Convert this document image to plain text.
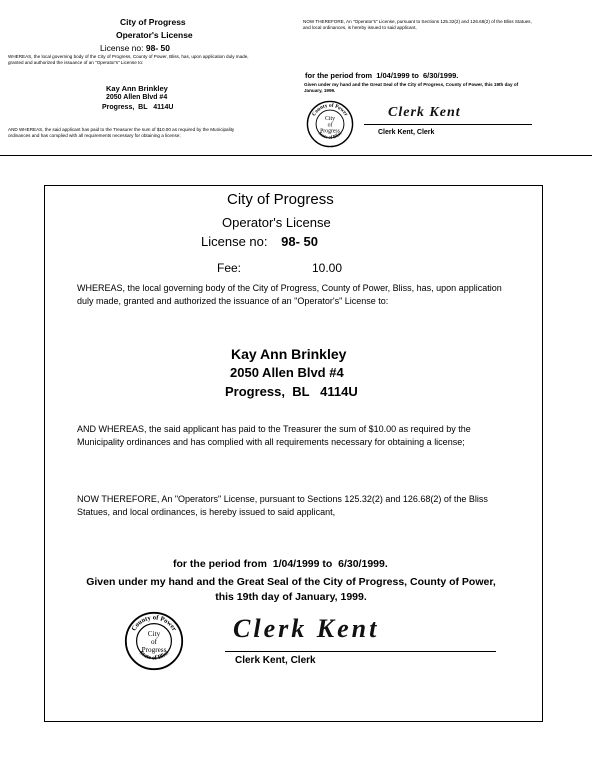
City of Progress
Operator's License
License no: 98- 50
WHEREAS, the local governing body of the City of Progress, County of Power, Bliss, has, upon application duly made, granted and authorized the issuance of an "Operator's" License to:
Kay Ann Brinkley
2050 Allen Blvd #4
Progress,  BL   4114U
AND WHEREAS, the said applicant has paid to the Treasurer the sum of $10.00 as required by the Municipality ordinances and has complied with all requirements necessary for obtaining a license;
NOW THEREFORE, An "Operator's" License, pursuant to Sections 125.32(2) and 126.68(2) of the Bliss Statues, and local ordinances, is hereby issued to said applicant,
for the period from  1/04/1999 to  6/30/1999.
Given under my hand and the Great Seal of the City of Progress, County of Power, this 19th day of January, 1999.
County of Power
State of Bliss
City
of
Progress
Clerk Kent
Clerk Kent, Clerk
City of Progress
Operator's License
License no: 98- 50
Fee:	10.00
WHEREAS, the local governing body of the City of Progress, County of Power, Bliss, has, upon application duly made, granted and authorized the issuance of an "Operator's" License to:
Kay Ann Brinkley
2050 Allen Blvd #4
Progress,  BL   4114U
AND WHEREAS, the said applicant has paid to the Treasurer the sum of $10.00 as required by the Municipality ordinances and has complied with all requirements necessary for obtaining a license;
NOW THEREFORE, An "Operators" License, pursuant to Sections 125.32(2) and 126.68(2) of the Bliss Statues, and local ordinances, is hereby issued to said applicant,
for the period from  1/04/1999 to  6/30/1999.
Given under my hand and the Great Seal of the City of Progress, County of Power, this 19th day of January, 1999.
County of Power
State of Bliss
City
of
Progress
Clerk Kent
Clerk Kent, Clerk
